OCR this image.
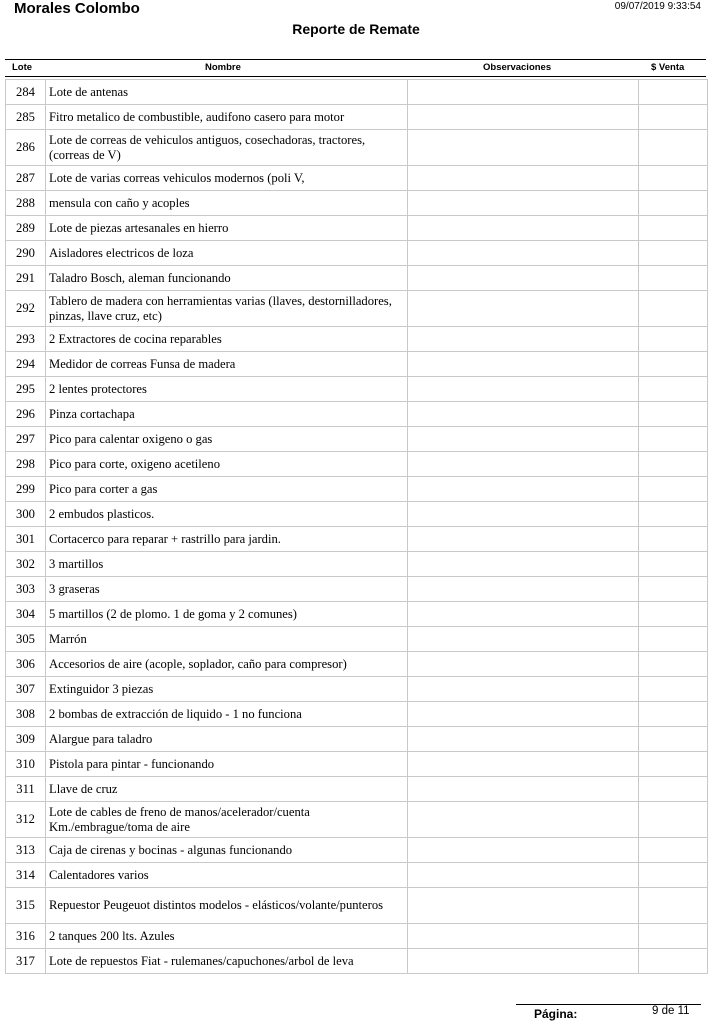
Morales Colombo	09/07/2019 9:33:54
Reporte de Remate
Lote	Nombre	Observaciones	$ Venta
284	Lote de antenas		
285	Fitro metalico de combustible, audifono casero para motor		
286	Lote de correas de vehiculos antiguos, cosechadoras, tractores, (correas de V)		
287	Lote de varias correas vehiculos modernos (poli V,		
288	mensula con caño y acoples		
289	Lote de piezas artesanales en hierro		
290	Aisladores electricos de loza		
291	Taladro Bosch, aleman funcionando		
292	Tablero de madera con herramientas varias (llaves, destornilladores, pinzas, llave cruz, etc)		
293	2 Extractores de cocina reparables		
294	Medidor de correas Funsa de madera		
295	2 lentes protectores		
296	Pinza cortachapa		
297	Pico para calentar oxigeno o gas		
298	Pico para corte, oxigeno acetileno		
299	Pico para corter a gas		
300	2 embudos plasticos.		
301	Cortacerco para reparar + rastrillo para jardin.		
302	3 martillos		
303	3 graseras		
304	5 martillos (2 de plomo. 1 de goma y 2 comunes)		
305	Marrón		
306	Accesorios de aire (acople, soplador, caño para compresor)		
307	Extinguidor 3 piezas		
308	2 bombas de extracción de liquido - 1 no funciona		
309	Alargue para taladro		
310	Pistola para pintar - funcionando		
311	Llave de cruz		
312	Lote de cables de freno de manos/acelerador/cuenta Km./embrague/toma de aire		
313	Caja de cirenas y bocinas - algunas funcionando		
314	Calentadores varios		
315	Repuestor Peugeuot distintos modelos - elásticos/volante/punteros		
316	2 tanques 200 lts. Azules		
317	Lote de repuestos Fiat - rulemanes/capuchones/arbol de leva		
Página:	9 de 11
